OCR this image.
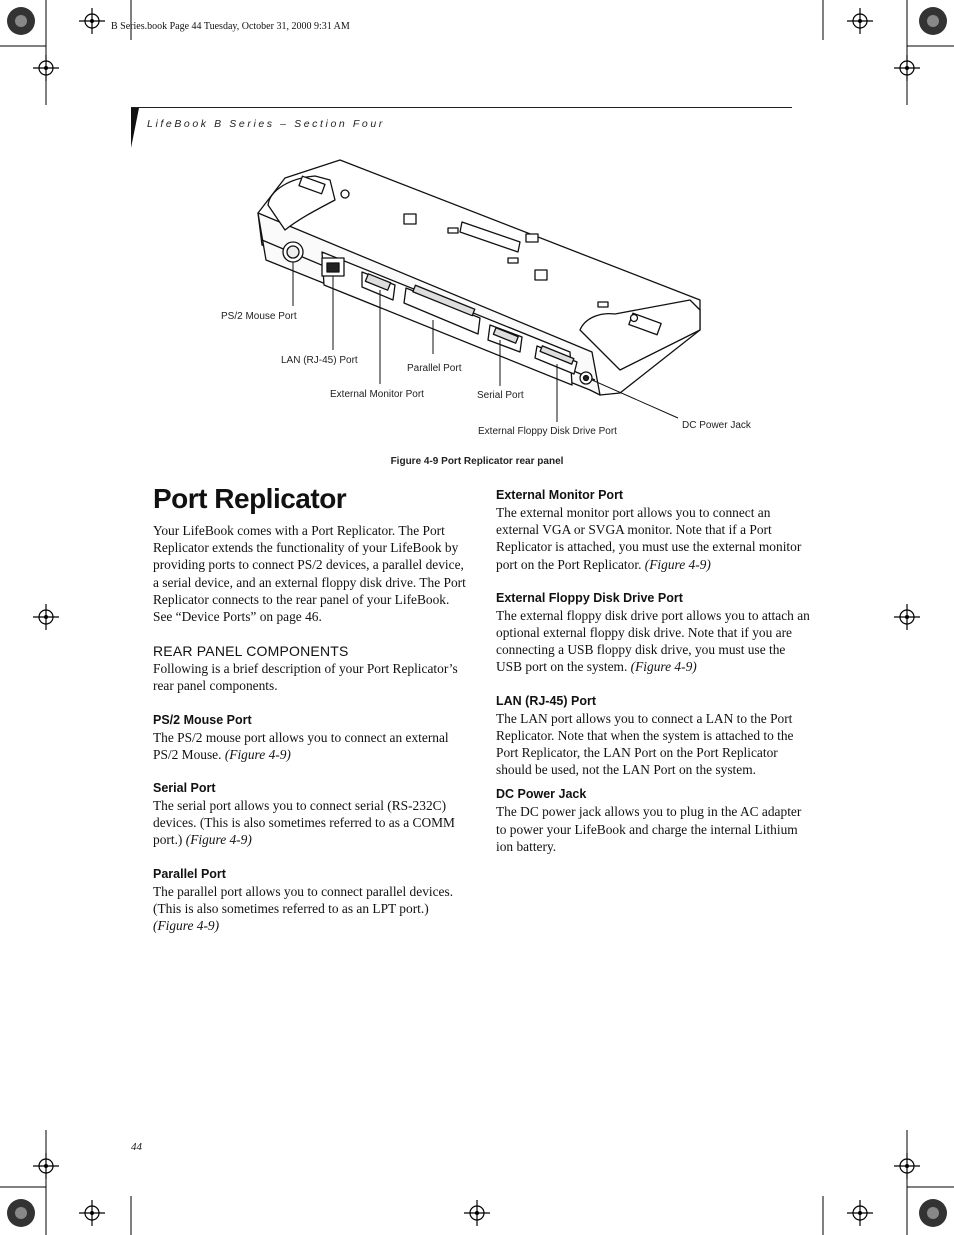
B Series.book Page 44 Tuesday, October 31, 2000 9:31 AM
LifeBook B Series – Section Four
PS/2 Mouse Port
LAN (RJ-45) Port
Parallel Port
External Monitor Port	Serial Port
External Floppy Disk Drive Port
DC Power Jack
Figure 4-9 Port Replicator rear panel
Port Replicator

Your LifeBook comes with a Port Replicator. The Port Replicator extends the functionality of your LifeBook by providing ports to connect PS/2 devices, a parallel device, a serial device, and an external floppy disk drive. The Port Replicator connects to the rear panel of your LifeBook. See “Device Ports” on page 46.

REAR PANEL COMPONENTS

Following is a brief description of your Port Replicator’s rear panel components.

PS/2 Mouse Port

The PS/2 mouse port allows you to connect an external PS/2 Mouse. (Figure 4-9)

Serial Port

The serial port allows you to connect serial (RS-232C) devices. (This is also sometimes referred to as a COMM port.) (Figure 4-9)

Parallel Port

The parallel port allows you to connect parallel devices. (This is also sometimes referred to as an LPT port.) (Figure 4-9)

External Monitor Port

The external monitor port allows you to connect an external VGA or SVGA monitor. Note that if a Port Replicator is attached, you must use the external monitor port on the Port Replicator. (Figure 4-9)

External Floppy Disk Drive Port

The external floppy disk drive port allows you to attach an optional external floppy disk drive. Note that if you are connecting a USB floppy disk drive, you must use the USB port on the system. (Figure 4-9)

LAN (RJ-45) Port

The LAN port allows you to connect a LAN to the Port Replicator. Note that when the system is attached to the Port Replicator, the LAN Port on the Port Replicator should be used, not the LAN Port on the system.

DC Power Jack

The DC power jack allows you to plug in the AC adapter to power your LifeBook and charge the internal Lithium ion battery.

44
